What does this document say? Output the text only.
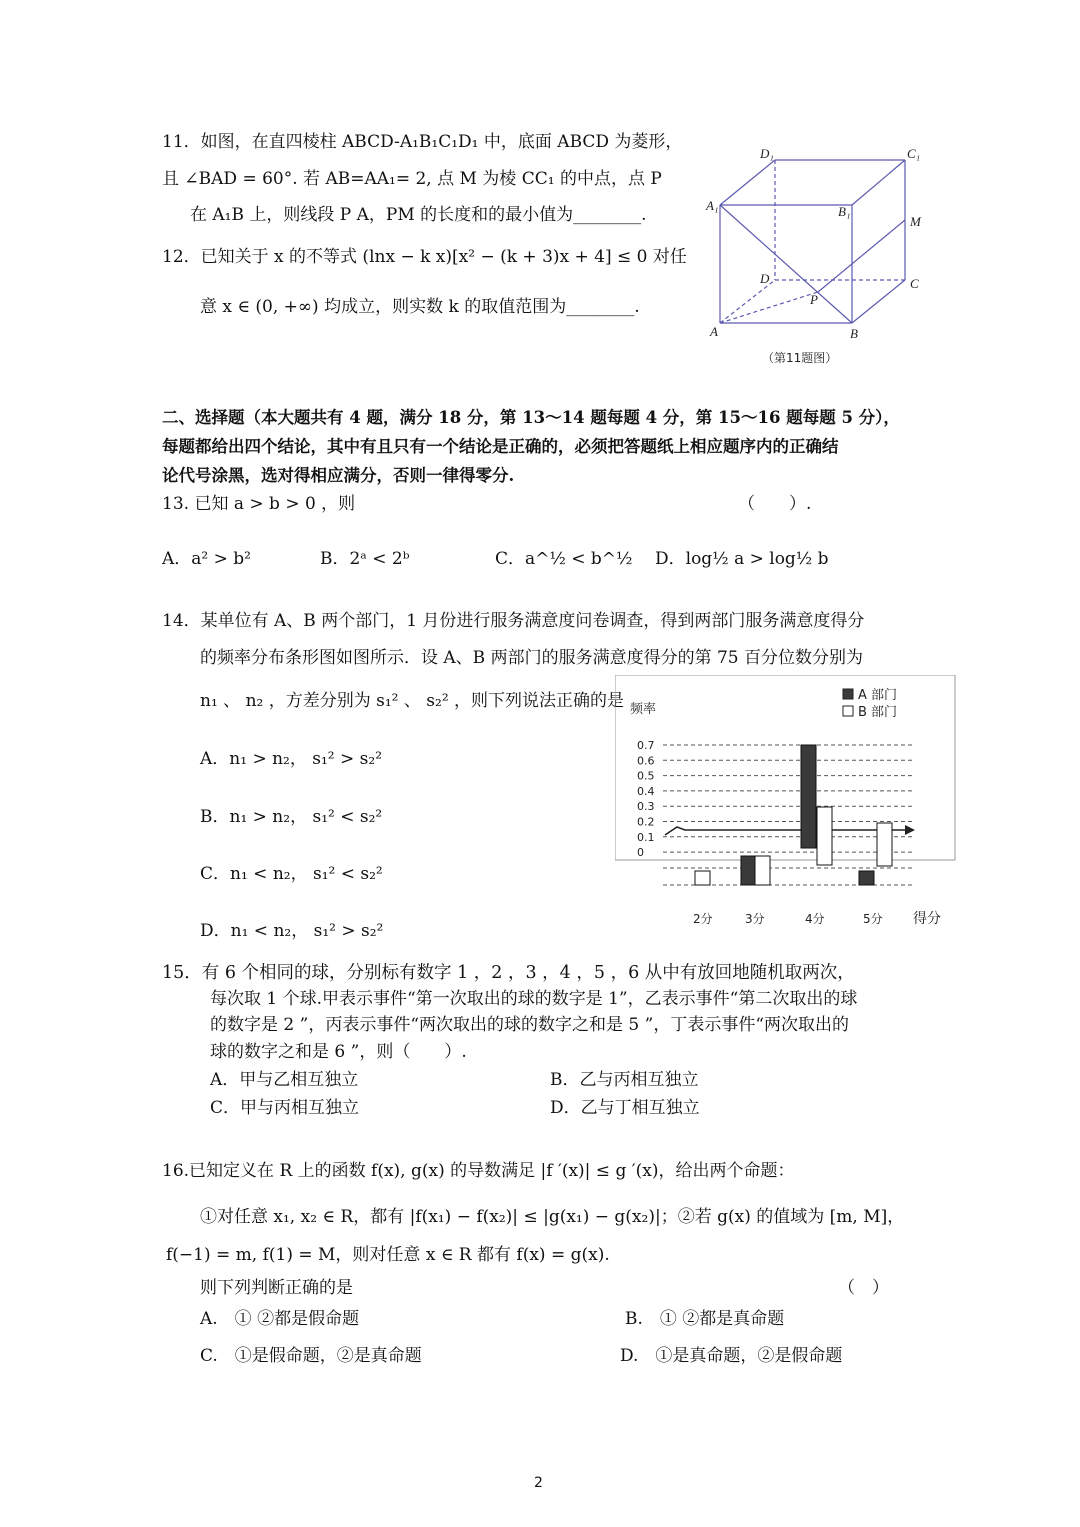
11．如图，在直四棱柱 ABCD-A₁B₁C₁D₁ 中，底面 ABCD 为菱形，
且 ∠BAD = 60°. 若 AB=AA₁= 2, 点 M 为棱 CC₁ 的中点，点 P
在 A₁B 上，则线段 P A，PM 的长度和的最小值为________.
D₁	C₁
A₁	B₁
M
D	C
P
A	B
（第11题图）
12．已知关于 x 的不等式 (lnx − k x)[x² − (k + 3)x + 4] ≤ 0 对任
意 x ∈ (0, +∞) 均成立，则实数 k 的取值范围为________.
二、选择题（本大题共有 4 题，满分 18 分，第 13～14 题每题 4 分，第 15～16 题每题 5 分），
每题都给出四个结论，其中有且只有一个结论是正确的，必须把答题纸上相应题序内的正确结
论代号涂黑，选对得相应满分，否则一律得零分.
13. 已知 a > b > 0 ，则	（　　）.
A．a² > b²	B．2ᵃ < 2ᵇ	C．a^½ < b^½ D．log½ a > log½ b
14．某单位有 A、B 两个部门，1 月份进行服务满意度问卷调查，得到两部门服务满意度得分
的频率分布条形图如图所示．设 A、B 两部门的服务满意度得分的第 75 百分位数分别为
n₁ 、 n₂ ，方差分别为 s₁² 、 s₂² ，则下列说法正确的是
A．n₁ > n₂， s₁² > s₂²
B．n₁ > n₂， s₁² < s₂²
C．n₁ < n₂， s₁² < s₂²
D．n₁ < n₂， s₁² > s₂²
频率
A 部门
B 部门
0.7
0.6
0.5
0.4
0.3
0.2
0.1
0
2分	3分	4分	5分 得分
15．有 6 个相同的球，分别标有数字 1 ，2 ，3 ，4 ，5 ，6 从中有放回地随机取两次，
每次取 1 个球.甲表示事件“第一次取出的球的数字是 1”，乙表示事件“第二次取出的球
的数字是 2 ”，丙表示事件“两次取出的球的数字之和是 5 ”，丁表示事件“两次取出的
球的数字之和是 6 ”，则（　　）.
A．甲与乙相互独立	B．乙与丙相互独立
C．甲与丙相互独立	D．乙与丁相互独立
16.已知定义在 R 上的函数 f(x), g(x) 的导数满足 |f ′(x)| ≤ g ′(x)，给出两个命题：
①对任意 x₁, x₂ ∈ R，都有 |f(x₁) − f(x₂)| ≤ |g(x₁) − g(x₂)|；②若 g(x) 的值域为 [m, M]，
f(−1) = m, f(1) = M，则对任意 x ∈ R 都有 f(x) = g(x).
则下列判断正确的是	（　）
A.　① ②都是假命题	B.　① ②都是真命题
C.　①是假命题，②是真命题	D.　①是真命题，②是假命题
2
